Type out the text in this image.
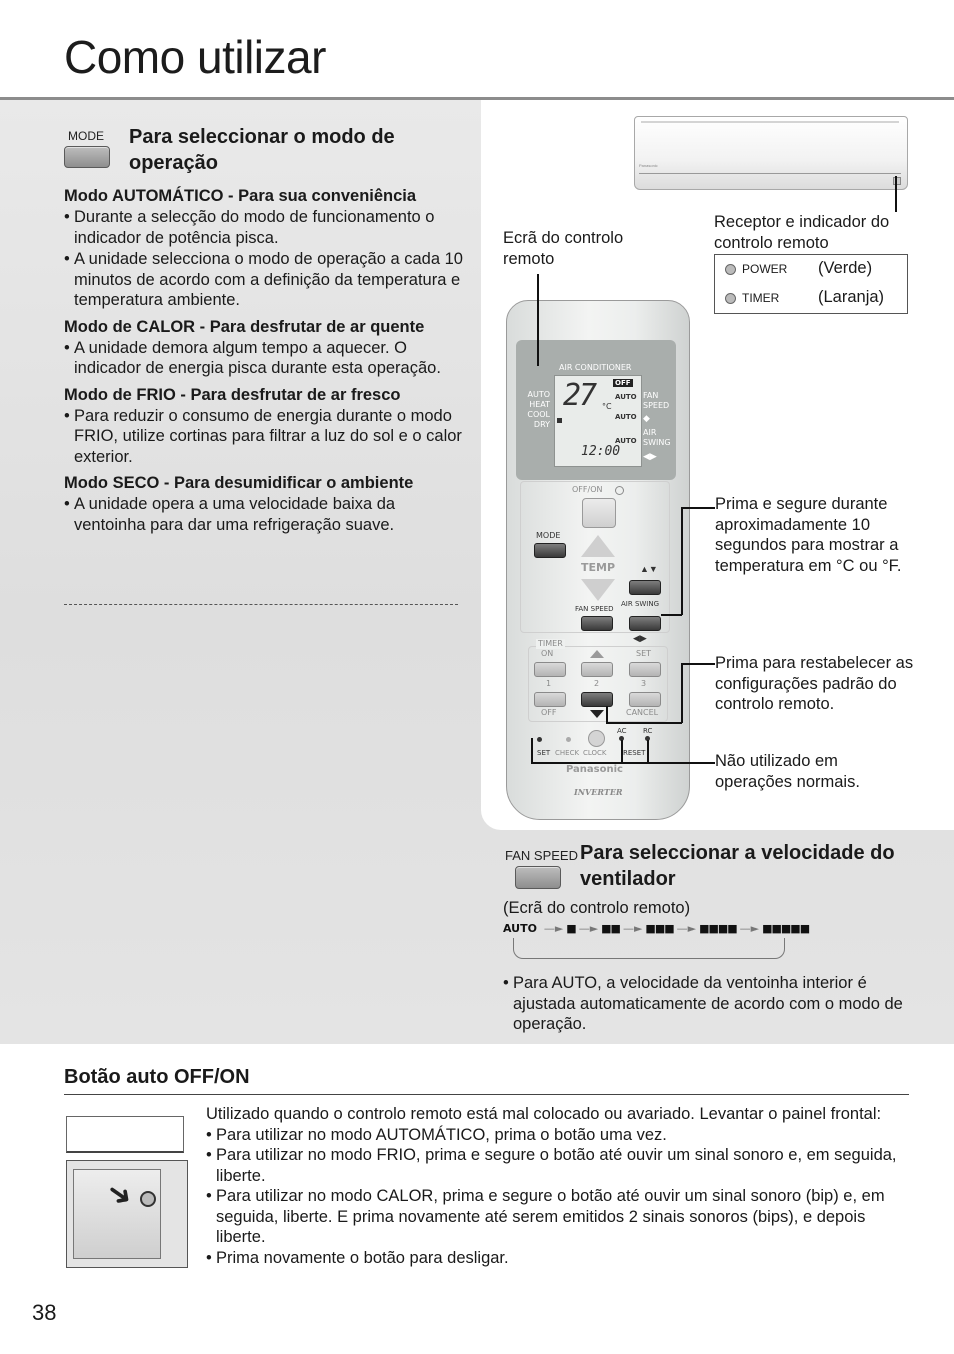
Como utilizar
MODE Para seleccionar o modo de operação
Modo AUTOMÁTICO - Para sua conveniência
• Durante a selecção do modo de funcionamento o indicador de potência pisca.
• A unidade selecciona o modo de operação a cada 10 minutos de acordo com a definição da temperatura e temperatura ambiente.
Modo de CALOR - Para desfrutar de ar quente
• A unidade demora algum tempo a aquecer. O indicador de energia pisca durante esta operação.
Modo de FRIO - Para desfrutar de ar fresco
• Para reduzir o consumo de energia durante o modo FRIO, utilize cortinas para filtrar a luz do sol e o calor exterior.
Modo SECO - Para desumidificar o ambiente
• A unidade opera a uma velocidade baixa da ventoinha para dar uma refrigeração suave.
Panasonic
Receptor e indicador do controlo remoto
Ecrã do controlo remoto
POWER (Verde)
TIMER (Laranja)
AIR CONDITIONER
AUTO
HEAT
COOL
DRY
27 °C
OFF
AUTO
AUTO
AUTO
12:00
FAN SPEED
◆
AIR SWING
◀▶
OFF/ON
MODE
TEMP	▲▼
AIR SWING
FAN SPEED
◀▶
TIMER
ON	SET
1	2	3
OFF	CANCEL
AC RC
SET CHECK CLOCK RESET
Panasonic
INVERTER
Prima e segure durante aproximadamente 10 segundos para mostrar a temperatura em °C ou °F.
Prima para restabelecer as configurações padrão do controlo remoto.
Não utilizado em operações normais.
FAN SPEED Para seleccionar a velocidade do ventilador
(Ecrã do controlo remoto)
AUTO —► ■ —► ■■ —► ■■■ —► ■■■■ —► ■■■■■
• Para AUTO, a velocidade da ventoinha interior é ajustada automaticamente de acordo com o modo de operação.
Botão auto OFF/ON
➜
Utilizado quando o controlo remoto está mal colocado ou avariado. Levantar o painel frontal:
• Para utilizar no modo AUTOMÁTICO, prima o botão uma vez.
• Para utilizar no modo FRIO, prima e segure o botão até ouvir um sinal sonoro e, em seguida, liberte.
• Para utilizar no modo CALOR, prima e segure o botão até ouvir um sinal sonoro (bip) e, em seguida, liberte. E prima novamente até serem emitidos 2 sinais sonoros (bips), e depois liberte.
• Prima novamente o botão para desligar.
38
